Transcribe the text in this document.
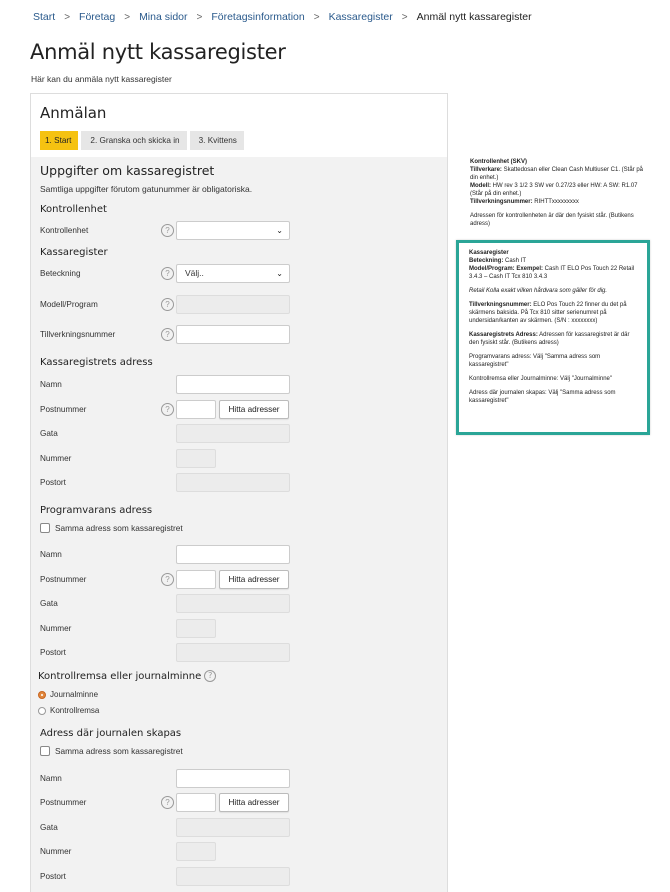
Start > Företag > Mina sidor > Företagsinformation > Kassaregister > Anmäl nytt kassaregister
Anmäl nytt kassaregister

Här kan du anmäla nytt kassaregister

Anmälan
1. Start	2. Granska och skicka in	3. Kvittens
Uppgifter om kassaregistret
Samtliga uppgifter förutom gatunummer är obligatoriska.
Kontrollenhet
Kontrollenhet	?	⌄
Kassaregister
Beteckning	?	Välj..	⌄
Modell/Program	?
Tillverkningsnummer	?
Kassaregistrets adress
Namn
Postnummer	?	Hitta adresser
Gata
Nummer
Postort
Programvarans adress
Samma adress som kassaregistret
Namn
Postnummer	?	Hitta adresser
Gata
Nummer
Postort
Kontrollremsa eller journalminne ?
Journalminne
Kontrollremsa
Adress där journalen skapas
Samma adress som kassaregistret
Namn
Postnummer	?	Hitta adresser
Gata
Nummer
Postort

Kontrollenhet (SKV)
Tillverkare: Skattedosan eller Clean Cash Multiuser C1. (Står på din enhet.)
Modell: HW rev 3 1/2 3 SW ver 0.27/23 eller HW: A SW: R1.07 (Står på din enhet.)
Tillverkningsnummer: RIHTTxxxxxxxxx

Adressen för kontrollenheten är där den fysiskt står. (Butikens adress)

Kassaregister
Beteckning: Cash IT
Model/Program: Exempel: Cash IT ELO Pos Touch 22 Retail 3.4.3 – Cash IT Tcx 810 3.4.3

Retail Kolla exakt vilken hårdvara som gäller för dig.

Tillverkningsnummer: ELO Pos Touch 22 finner du det på skärmens baksida. På Tcx 810 sitter serienumret på undersidan/kanten av skärmen. (S/N : xxxxxxxx)

Kassaregistrets Adress: Adressen för kassaregistret är där den fysiskt står. (Butikens adress)

Programvarans adress: Välj "Samma adress som kassaregistret"

Kontrollremsa eller Journalminne: Välj "Journalminne"

Adress där journalen skapas: Välj "Samma adress som kassaregistret"
